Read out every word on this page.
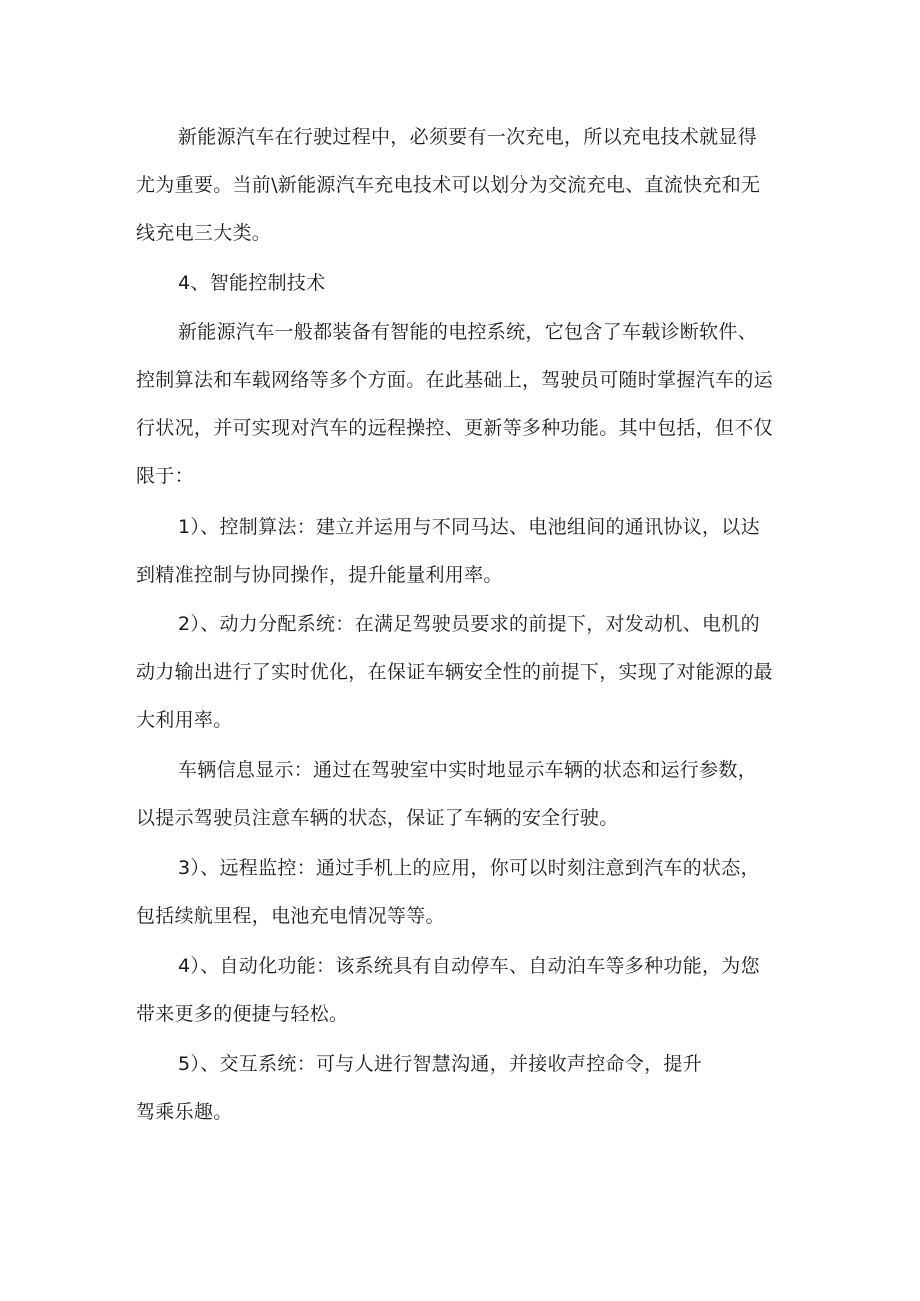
新能源汽车在行驶过程中，必须要有一次充电，所以充电技术就显得
尤为重要。当前\新能源汽车充电技术可以划分为交流充电、直流快充和无
线充电三大类。

4、智能控制技术

新能源汽车一般都装备有智能的电控系统，它包含了车载诊断软件、
控制算法和车载网络等多个方面。在此基础上，驾驶员可随时掌握汽车的运
行状况，并可实现对汽车的远程操控、更新等多种功能。其中包括，但不仅
限于：

1）、控制算法：建立并运用与不同马达、电池组间的通讯协议，以达
到精准控制与协同操作，提升能量利用率。

2）、动力分配系统：在满足驾驶员要求的前提下，对发动机、电机的
动力输出进行了实时优化，在保证车辆安全性的前提下，实现了对能源的最
大利用率。

车辆信息显示：通过在驾驶室中实时地显示车辆的状态和运行参数，
以提示驾驶员注意车辆的状态，保证了车辆的安全行驶。

3）、远程监控：通过手机上的应用，你可以时刻注意到汽车的状态，
包括续航里程，电池充电情况等等。

4）、自动化功能：该系统具有自动停车、自动泊车等多种功能，为您
带来更多的便捷与轻松。

5）、交互系统：可与人进行智慧沟通，并接收声控命令，提升
驾乘乐趣。
